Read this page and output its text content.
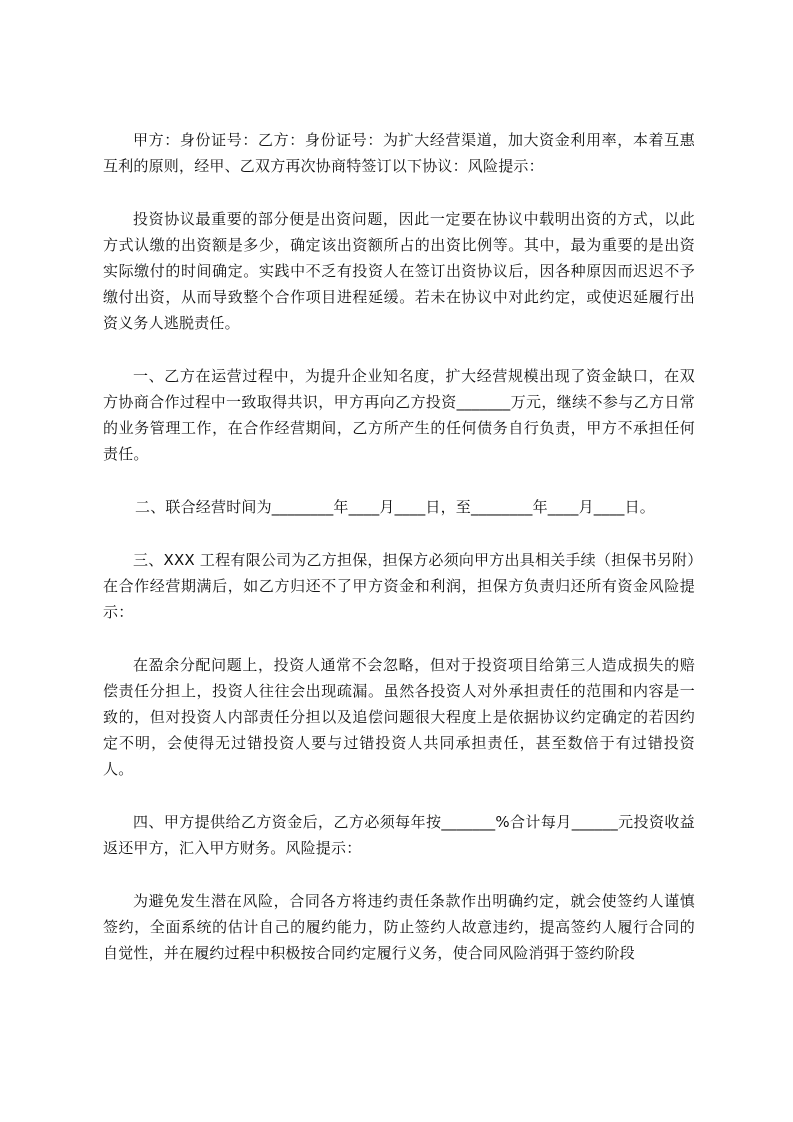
甲方：身份证号：乙方：身份证号：为扩大经营渠道，加大资金利用率，本着互惠互利的原则，经甲、乙双方再次协商特签订以下协议：风险提示：

投资协议最重要的部分便是出资问题，因此一定要在协议中载明出资的方式，以此方式认缴的出资额是多少，确定该出资额所占的出资比例等。其中，最为重要的是出资实际缴付的时间确定。实践中不乏有投资人在签订出资协议后，因各种原因而迟迟不予缴付出资，从而导致整个合作项目进程延缓。若未在协议中对此约定，或使迟延履行出资义务人逃脱责任。

一、乙方在运营过程中，为提升企业知名度，扩大经营规模出现了资金缺口，在双方协商合作过程中一致取得共识，甲方再向乙方投资_______万元，继续不参与乙方日常的业务管理工作，在合作经营期间，乙方所产生的任何债务自行负责，甲方不承担任何责任。

二、联合经营时间为________年____月____日，至________年____月____日。

三、XXX 工程有限公司为乙方担保，担保方必须向甲方出具相关手续（担保书另附）在合作经营期满后，如乙方归还不了甲方资金和利润，担保方负责归还所有资金风险提示：

在盈余分配问题上，投资人通常不会忽略，但对于投资项目给第三人造成损失的赔偿责任分担上，投资人往往会出现疏漏。虽然各投资人对外承担责任的范围和内容是一致的，但对投资人内部责任分担以及追偿问题很大程度上是依据协议约定确定的若因约定不明，会使得无过错投资人要与过错投资人共同承担责任，甚至数倍于有过错投资人。

四、甲方提供给乙方资金后，乙方必须每年按_______%合计每月______元投资收益返还甲方，汇入甲方财务。风险提示：

为避免发生潜在风险，合同各方将违约责任条款作出明确约定，就会使签约人谨慎签约，全面系统的估计自己的履约能力，防止签约人故意违约，提高签约人履行合同的自觉性，并在履约过程中积极按合同约定履行义务，使合同风险消弭于签约阶段
